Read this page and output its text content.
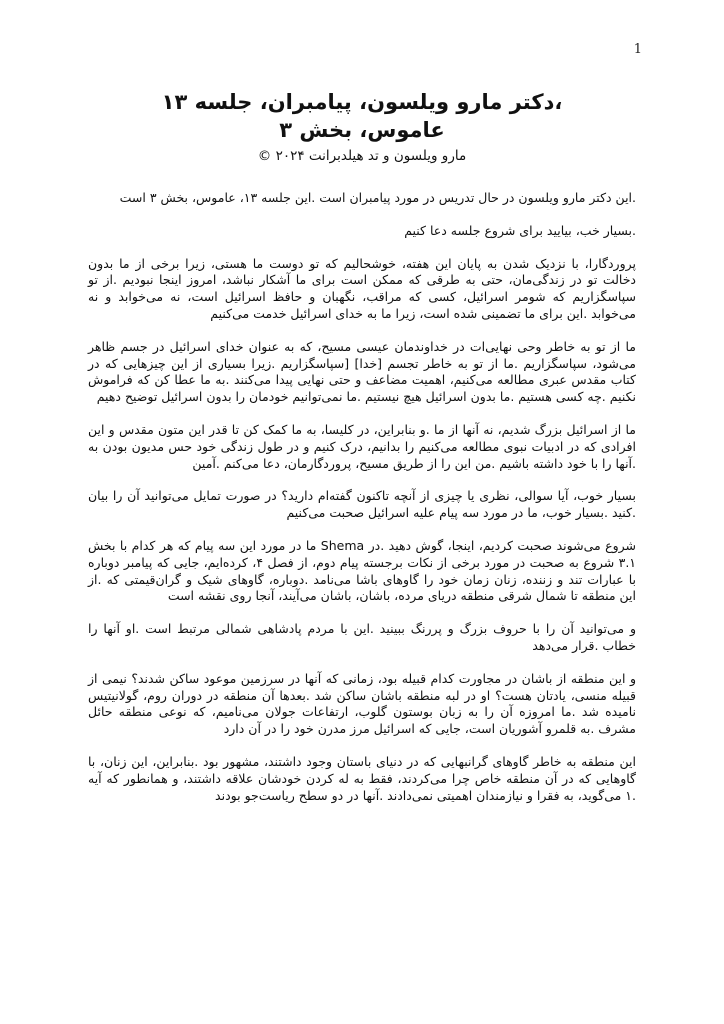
1
،دکتر مارو ویلسون، پیامبران، جلسه ۱۳
عاموس، بخش ۳
مارو ویلسون و تد هیلدبرانت ۲۰۲۴ ©

.این دکتر مارو ویلسون در حال تدریس در مورد پیامبران است .این جلسه ۱۳، عاموس، بخش ۳ است

.بسیار خب، بیایید برای شروع جلسه دعا کنیم

پروردگارا، با نزدیک شدن به پایان این هفته، خوشحالیم که تو دوست ما هستی، زیرا برخی از ما بدون دخالت تو در زندگی‌مان، حتی به طرقی که ممکن است برای ما آشکار نباشد، امروز اینجا نبودیم .از تو سپاسگزاریم که شومر اسرائیل، کسی که مراقب، نگهبان و حافظ اسرائیل است، نه می‌خوابد و نه می‌خوابد .این برای ما تضمینی شده است، زیرا ما به خدای اسرائیل خدمت می‌کنیم

ما از تو به خاطر وحی نهایی‌ات در خداوندمان عیسی مسیح، که به عنوان خدای اسرائیل در جسم ظاهر می‌شود، سپاسگزاریم .ما از تو به خاطر تجسم [خدا] [سپاسگزاریم .زیرا بسیاری از این چیزهایی که در کتاب مقدس عبری مطالعه می‌کنیم، اهمیت مضاعف و حتی نهایی پیدا می‌کنند .به ما عطا کن که فراموش نکنیم .چه کسی هستیم .ما بدون اسرائیل هیچ نیستیم .ما نمی‌توانیم خودمان را بدون اسرائیل توضیح دهیم

ما از اسرائیل بزرگ شدیم، نه آنها از ما .و بنابراین، در کلیسا، به ما کمک کن تا قدر این متون مقدس و این افرادی که در ادبیات نبوی مطالعه می‌کنیم را بدانیم، درک کنیم و در طول زندگی خود حس مدیون بودن به .آنها را با خود داشته باشیم .من این را از طریق مسیح، پروردگارمان، دعا می‌کنم .آمین

بسیار خوب، آیا سوالی، نظری یا چیزی از آنچه تاکنون گفته‌ام دارید؟ در صورت تمایل می‌توانید آن را بیان .کنید .بسیار خوب، ما در مورد سه پیام علیه اسرائیل صحبت می‌کنیم

شروع می‌شوند صحبت کردیم، اینجا، گوش دهید .در Shema ما در مورد این سه پیام که هر کدام با بخش ۳.۱ شروع به صحبت در مورد برخی از نکات برجسته پیام دوم، از فصل ۴، کرده‌ایم، جایی که پیامبر دوباره با عبارات تند و زننده، زنان زمان خود را گاوهای باشا می‌نامد .دوباره، گاوهای شیک و گران‌قیمتی که .از این منطقه تا شمال شرقی منطقه دریای مرده، باشان، باشان می‌آیند، آنجا روی نقشه است

و می‌توانید آن را با حروف بزرگ و پررنگ ببینید .این با مردم پادشاهی شمالی مرتبط است .او آنها را خطاب .قرار می‌دهد

و این منطقه از باشان در مجاورت کدام قبیله بود، زمانی که آنها در سرزمین موعود ساکن شدند؟ نیمی از قبیله منسی، یادتان هست؟ او در لبه منطقه باشان ساکن شد .بعدها آن منطقه در دوران روم، گولانیتیس نامیده شد .ما امروزه آن را به زبان بوستون گلوب، ارتفاعات جولان می‌نامیم، که نوعی منطقه حائل مشرف .به قلمرو آشوریان است، جایی که اسرائیل مرز مدرن خود را در آن دارد

این منطقه به خاطر گاوهای گرانبهایی که در دنیای باستان وجود داشتند، مشهور بود .بنابراین، این زنان، با گاوهایی که در آن منطقه خاص چرا می‌کردند، فقط به له کردن خودشان علاقه داشتند، و همانطور که آیه .۱ می‌گوید، به فقرا و نیازمندان اهمیتی نمی‌دادند .آنها در دو سطح ریاست‌جو بودند
